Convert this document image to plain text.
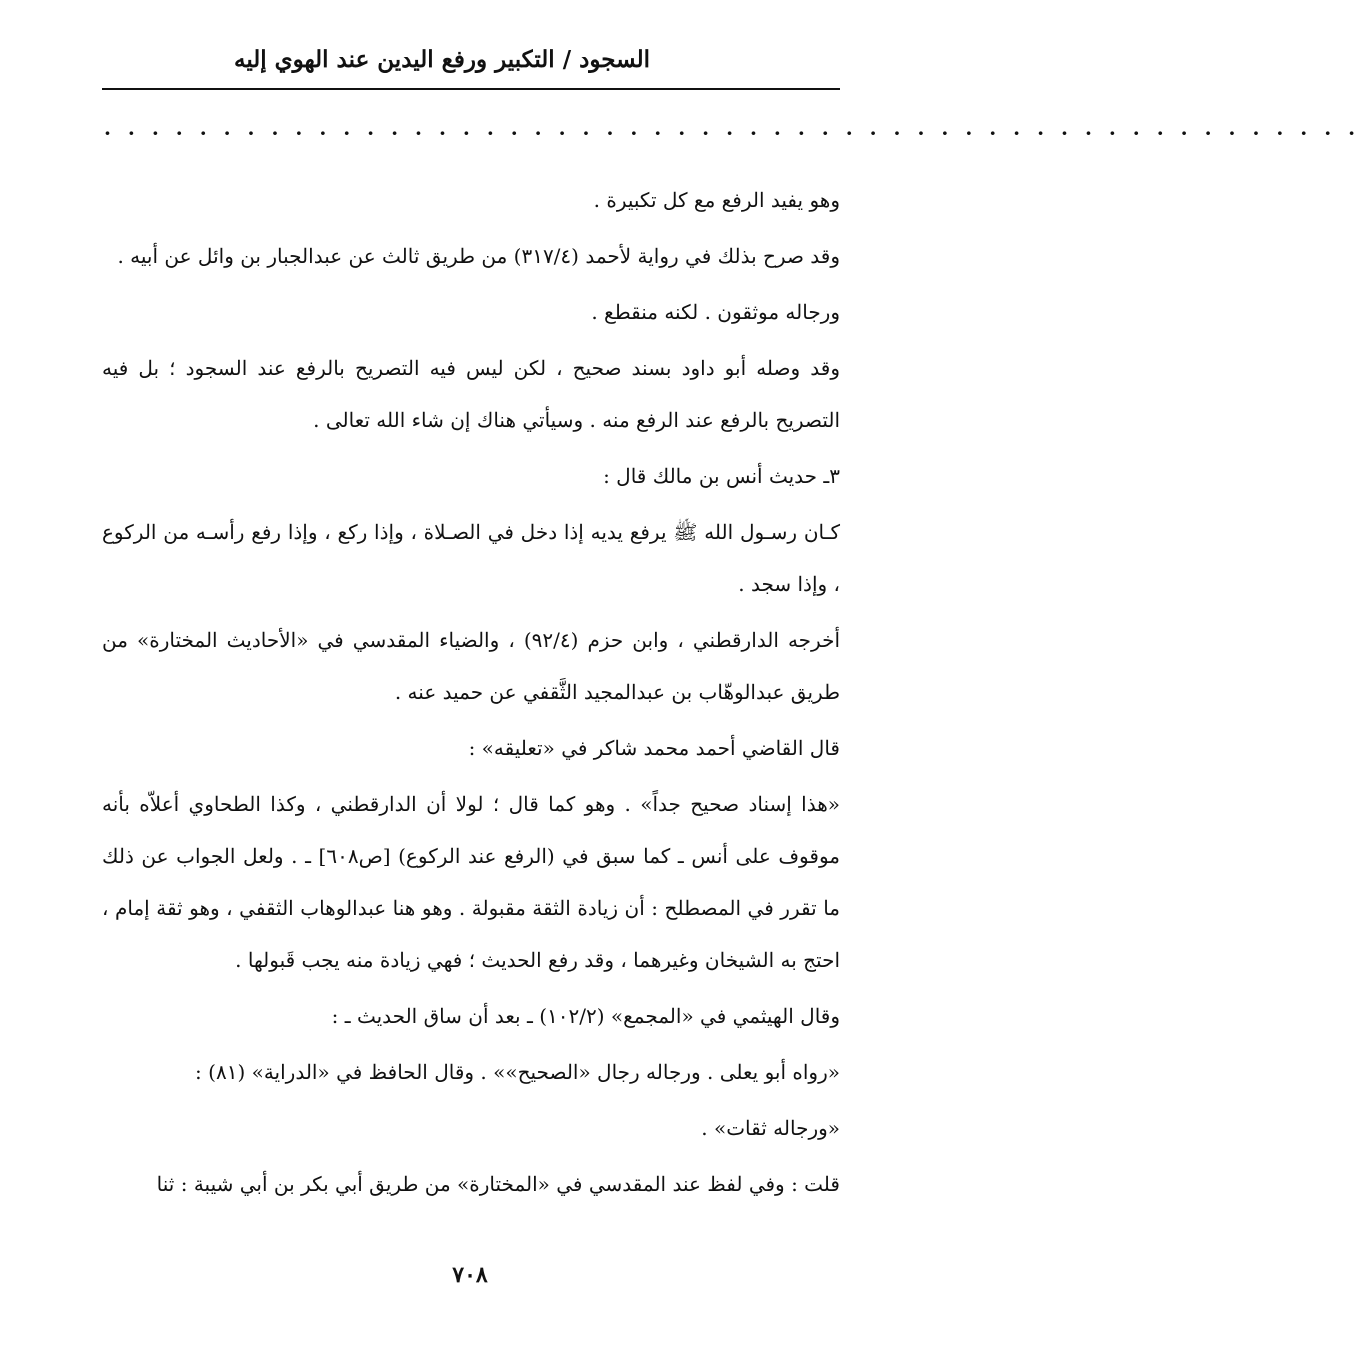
السجود / التكبير ورفع اليدين عند الهوي إليه
· · · · · · · · · · · · · · · · · · · · · · · · · · · · · · · · · · · · · · · · · · · · · · · · · · · · ·

وهو يفيد الرفع مع كل تكبيرة .

وقد صرح بذلك في رواية لأحمد (٣١٧/٤) من طريق ثالث عن عبدالجبار بن وائل عن أبيه .

ورجاله موثقون . لكنه منقطع .

وقد وصله أبو داود بسند صحيح ، لكن ليس فيه التصريح بالرفع عند السجود ؛ بل فيه التصريح بالرفع عند الرفع منه . وسيأتي هناك إن شاء الله تعالى .

٣ـ حديث أنس بن مالك قال :

كـان رسـول الله ﷺ يرفع يديه إذا دخل في الصـلاة ، وإذا ركع ، وإذا رفع رأسـه من الركوع ، وإذا سجد .

أخرجه الدارقطني ، وابن حزم (٩٢/٤) ، والضياء المقدسي في «الأحاديث المختارة» من طريق عبدالوهّاب بن عبدالمجيد الثَّقفي عن حميد عنه .

قال القاضي أحمد محمد شاكر في «تعليقه» :

«هذا إسناد صحيح جداً» . وهو كما قال ؛ لولا أن الدارقطني ، وكذا الطحاوي أعلاّه بأنه موقوف على أنس ـ كما سبق في (الرفع عند الركوع) [ص٦٠٨] ـ . ولعل الجواب عن ذلك ما تقرر في المصطلح : أن زيادة الثقة مقبولة . وهو هنا عبدالوهاب الثقفي ، وهو ثقة إمام ، احتج به الشيخان وغيرهما ، وقد رفع الحديث ؛ فهي زيادة منه يجب قَبولها .

وقال الهيثمي في «المجمع» (١٠٢/٢) ـ بعد أن ساق الحديث ـ :

«رواه أبو يعلى . ورجاله رجال «الصحيح»» . وقال الحافظ في «الدراية» (٨١) :

«ورجاله ثقات» .

قلت : وفي لفظ عند المقدسي في «المختارة» من طريق أبي بكر بن أبي شيبة : ثنا

٧٠٨
